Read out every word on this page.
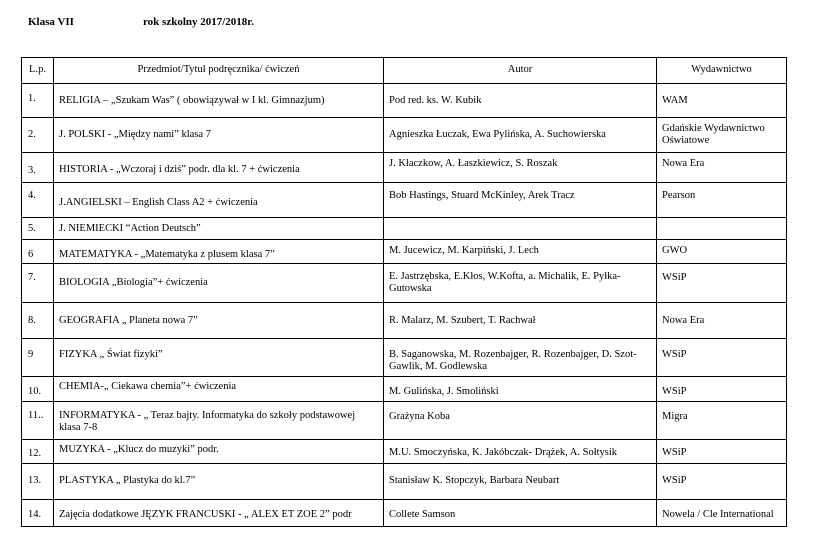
Klasa VII	rok szkolny 2017/2018r.
L.p.	Przedmiot/Tytuł podręcznika/ ćwiczeń	Autor	Wydawnictwo
1.	RELIGIA – „Szukam Was” ( obowiązywał w I kl. Gimnazjum)	Pod red. ks. W. Kubik	WAM
2.	J. POLSKI - „Między nami” klasa 7	Agnieszka Łuczak, Ewa Pylińska, A. Suchowierska	Gdańskie Wydawnictwo Oświatowe
3.	HISTORIA - „Wczoraj i dziś” podr. dla kl. 7 + ćwiczenia	J. Kłaczkow, A. Łaszkiewicz, S. Roszak	Nowa Era
4.	J.ANGIELSKI – English Class A2 + ćwiczenia	Bob Hastings, Stuard McKinley, Arek Tracz	Pearson
5.	J. NIEMIECKI “Action Deutsch”		
6	MATEMATYKA - „Matematyka z plusem klasa 7”	M. Jucewicz, M. Karpiński, J. Lech	GWO
7.	BIOLOGIA „Biologia”+ ćwiczenia	E. Jastrzębska, E.Kłos, W.Kofta, a. Michalik, E. Pyłka-Gutowska	WSiP
8.	GEOGRAFIA „ Planeta nowa 7”	R. Malarz, M. Szubert, T. Rachwał	Nowa Era
9	FIZYKA „ Świat fizyki”	B. Saganowska, M. Rozenbajger, R. Rozenbajger, D. Szot-Gawlik, M. Godlewska	WSiP
10.	CHEMIA-„ Ciekawa chemia”+ ćwiczenia	M. Gulińska, J. Smoliński	WSiP
11..	INFORMATYKA - „ Teraz bajty. Informatyka do szkoły podstawowej klasa 7-8	Grażyna Koba	Migra
12.	MUZYKA - „Klucz do muzyki” podr.	M.U. Smoczyńska, K. Jakóbczak- Drążek, A. Sołtysik	WSiP
13.	PLASTYKA „ Plastyka do kl.7”	Stanisław K. Stopczyk, Barbara Neubart	WSiP
14.	Zajęcia dodatkowe JĘZYK FRANCUSKI - „ ALEX ET ZOE 2” podr	Collete Samson	Nowela / Cle International
